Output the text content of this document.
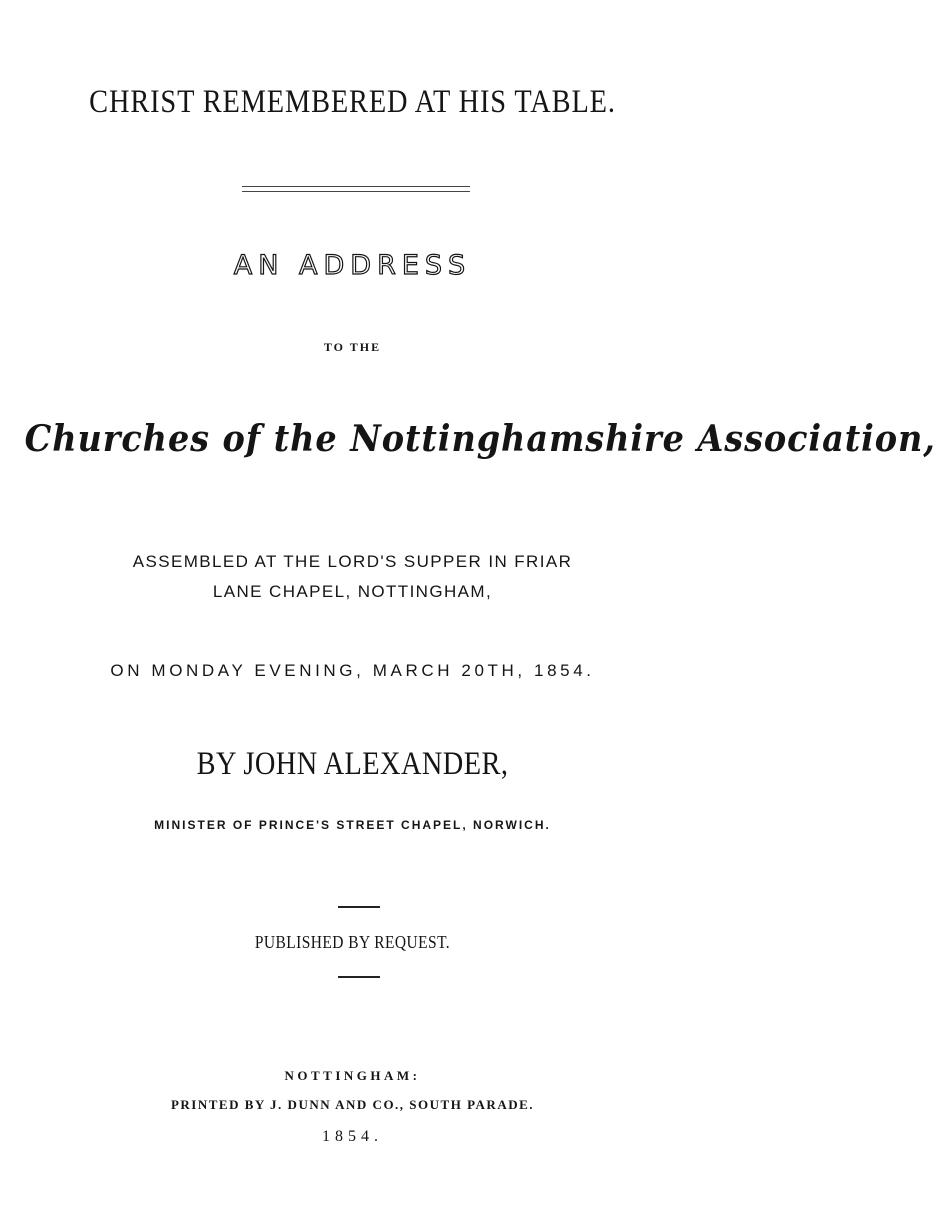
CHRIST REMEMBERED AT HIS TABLE.
AN ADDRESS
TO THE
Churches of the Nottinghamshire Association,
ASSEMBLED AT THE LORD'S SUPPER IN FRIAR
LANE CHAPEL, NOTTINGHAM,
ON MONDAY EVENING, MARCH 20TH, 1854.
BY JOHN ALEXANDER,
MINISTER OF PRINCE'S STREET CHAPEL, NORWICH.
PUBLISHED BY REQUEST.
NOTTINGHAM:
PRINTED BY J. DUNN AND CO., SOUTH PARADE.
1854.
